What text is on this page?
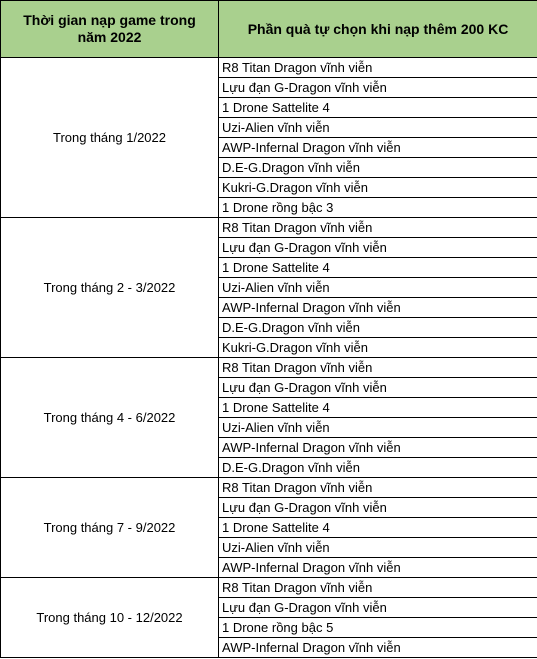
Thời gian nạp game trong năm 2022	Phần quà tự chọn khi nạp thêm 200 KC
Trong tháng 1/2022	R8 Titan Dragon vĩnh viễn
	Lựu đạn G-Dragon vĩnh viễn
	1 Drone Sattelite 4
	Uzi-Alien vĩnh viễn
	AWP-Infernal Dragon vĩnh viễn
	D.E-G.Dragon vĩnh viễn
	Kukri-G.Dragon vĩnh viễn
	1 Drone rồng bậc 3
Trong tháng 2 - 3/2022	R8 Titan Dragon vĩnh viễn
	Lựu đạn G-Dragon vĩnh viễn
	1 Drone Sattelite 4
	Uzi-Alien vĩnh viễn
	AWP-Infernal Dragon vĩnh viễn
	D.E-G.Dragon vĩnh viễn
	Kukri-G.Dragon vĩnh viễn
Trong tháng 4 - 6/2022	R8 Titan Dragon vĩnh viễn
	Lựu đạn G-Dragon vĩnh viễn
	1 Drone Sattelite 4
	Uzi-Alien vĩnh viễn
	AWP-Infernal Dragon vĩnh viễn
	D.E-G.Dragon vĩnh viễn
Trong tháng 7 - 9/2022	R8 Titan Dragon vĩnh viễn
	Lựu đạn G-Dragon vĩnh viễn
	1 Drone Sattelite 4
	Uzi-Alien vĩnh viễn
	AWP-Infernal Dragon vĩnh viễn
Trong tháng 10 - 12/2022	R8 Titan Dragon vĩnh viễn
	Lựu đạn G-Dragon vĩnh viễn
	1 Drone rồng bậc 5
	AWP-Infernal Dragon vĩnh viễn
